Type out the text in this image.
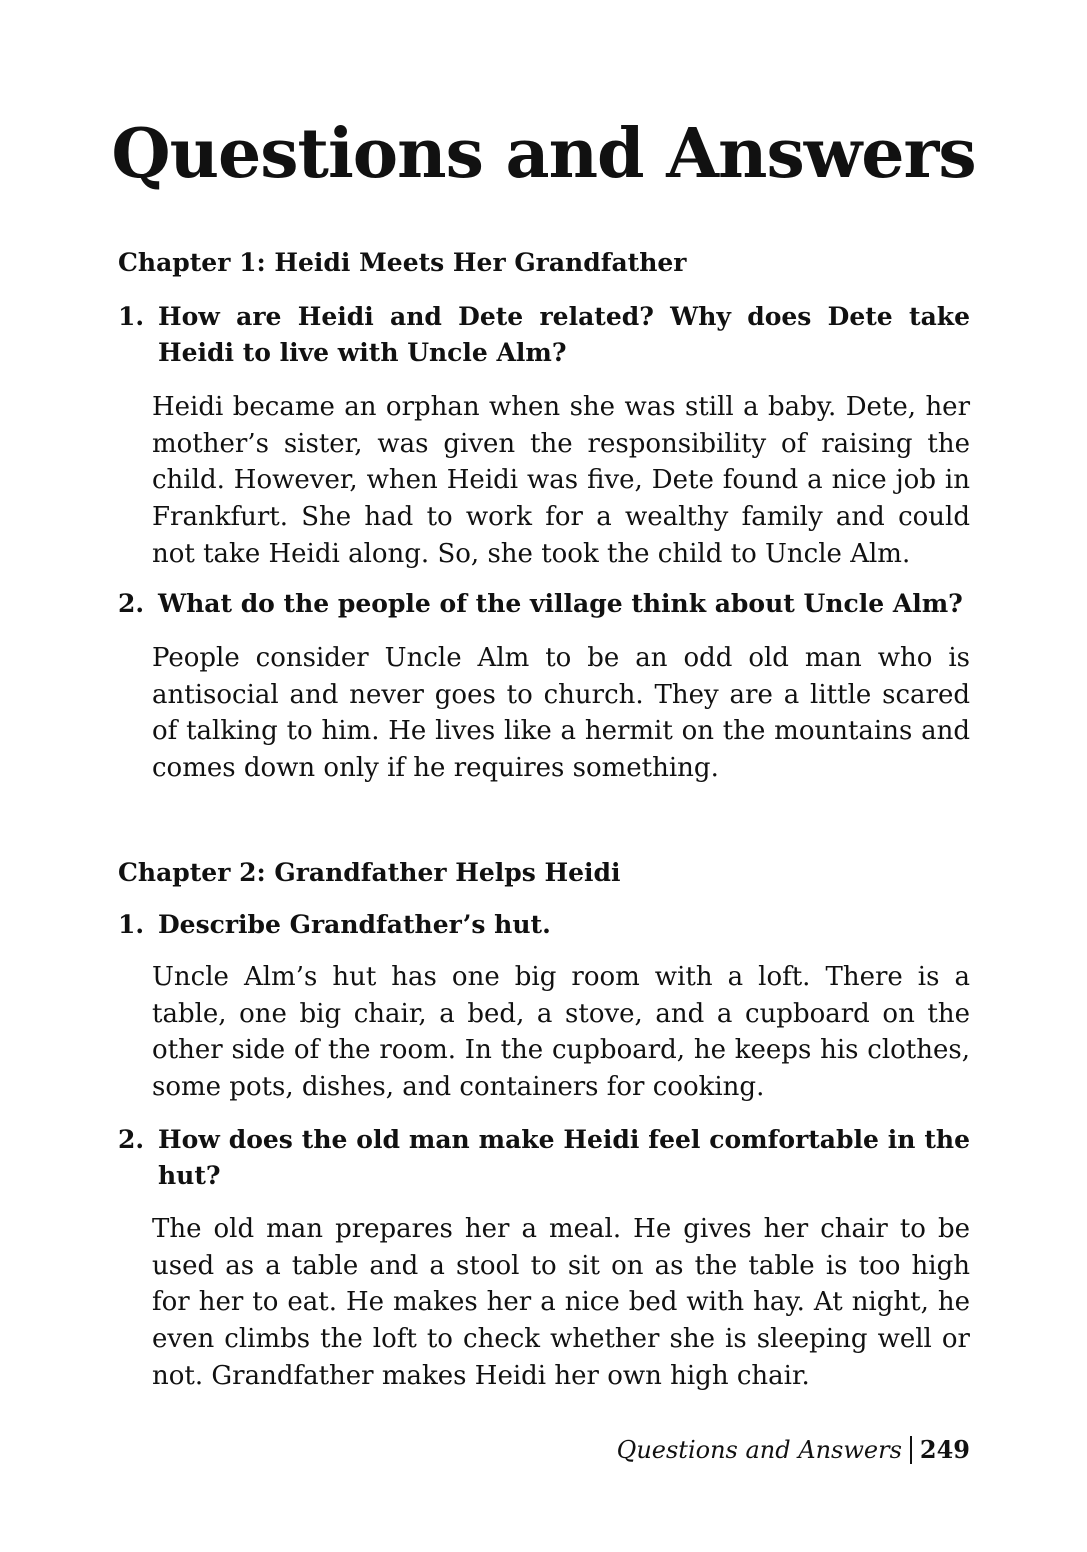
Questions and Answers
Chapter 1: Heidi Meets Her Grandfather
1. How are Heidi and Dete related? Why does Dete take Heidi to live with Uncle Alm?
Heidi became an orphan when she was still a baby. Dete, her mother’s sister, was given the responsibility of raising the child. However, when Heidi was five, Dete found a nice job in Frankfurt. She had to work for a wealthy family and could not take Heidi along. So, she took the child to Uncle Alm.
2. What do the people of the village think about Uncle Alm?
People consider Uncle Alm to be an odd old man who is antisocial and never goes to church. They are a little scared of talking to him. He lives like a hermit on the mountains and comes down only if he requires something.
Chapter 2: Grandfather Helps Heidi
1. Describe Grandfather’s hut.
Uncle Alm’s hut has one big room with a loft. There is a table, one big chair, a bed, a stove, and a cupboard on the other side of the room. In the cupboard, he keeps his clothes, some pots, dishes, and containers for cooking.
2. How does the old man make Heidi feel comfortable in the hut?
The old man prepares her a meal. He gives her chair to be used as a table and a stool to sit on as the table is too high for her to eat. He makes her a nice bed with hay. At night, he even climbs the loft to check whether she is sleeping well or not. Grandfather makes Heidi her own high chair.
Questions and Answers 249
